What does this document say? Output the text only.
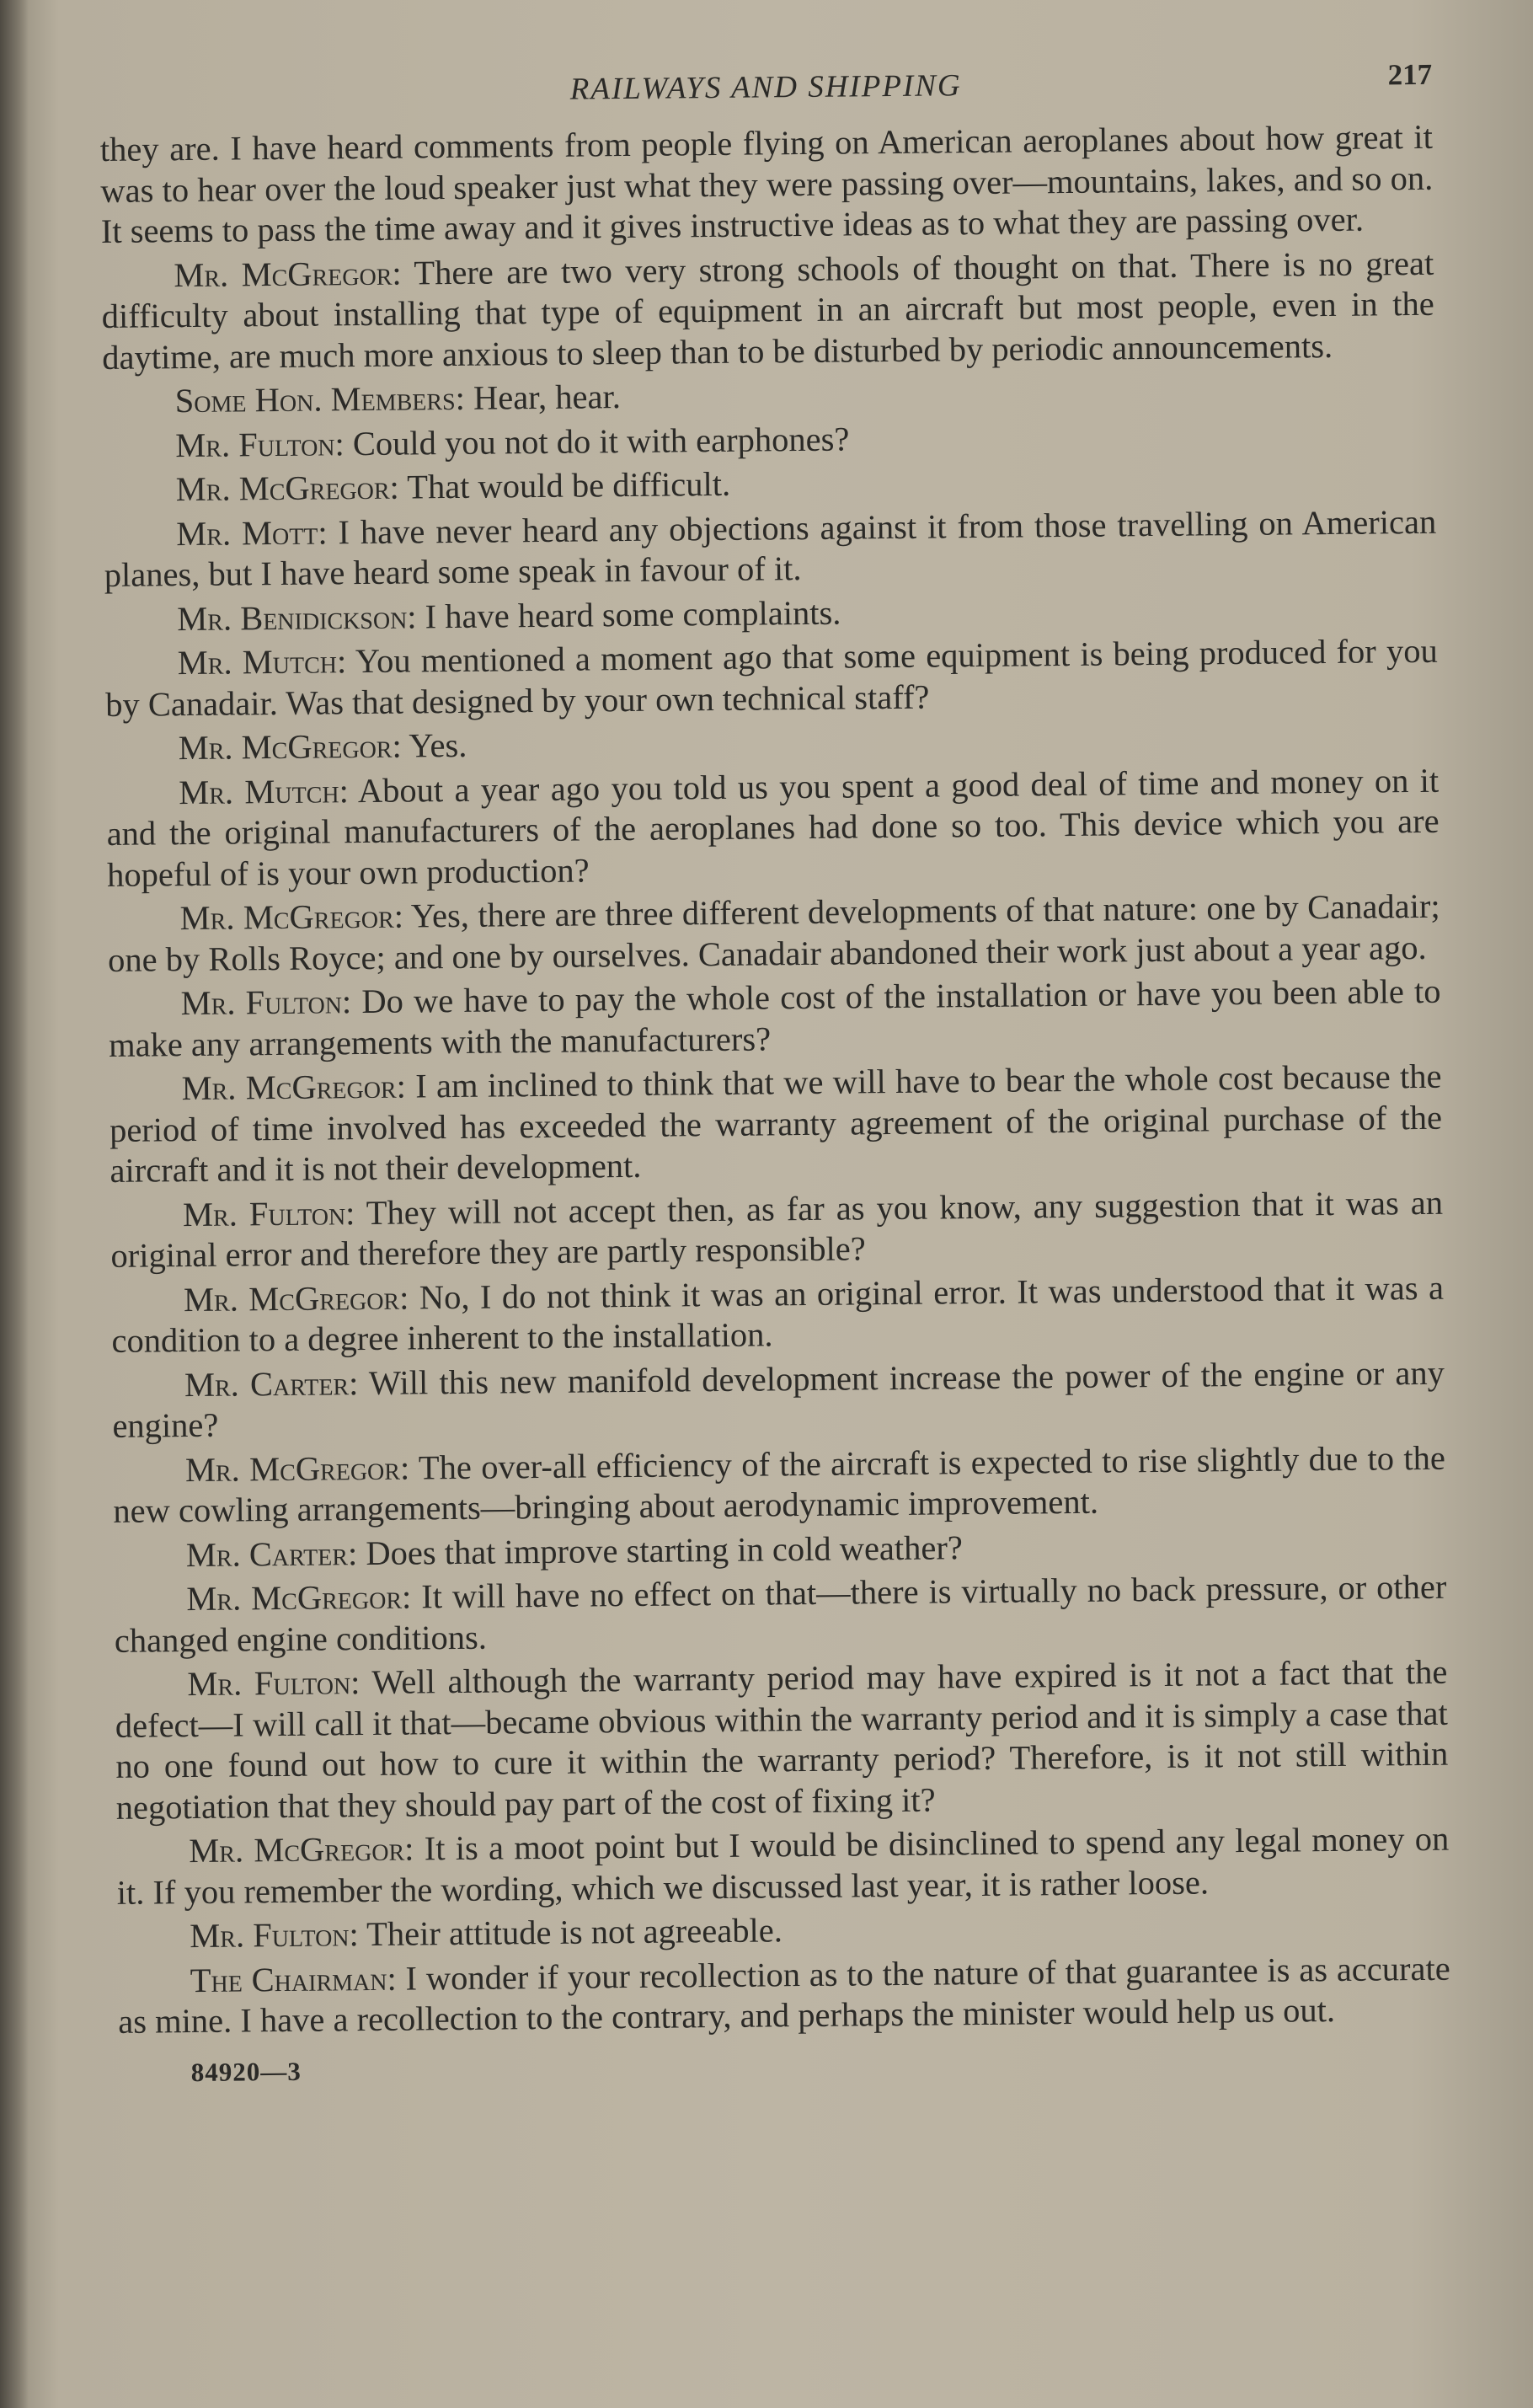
RAILWAYS AND SHIPPING	217

they are. I have heard comments from people flying on American aeroplanes about how great it was to hear over the loud speaker just what they were passing over—mountains, lakes, and so on. It seems to pass the time away and it gives instructive ideas as to what they are passing over.

Mr. McGregor: There are two very strong schools of thought on that. There is no great difficulty about installing that type of equipment in an aircraft but most people, even in the daytime, are much more anxious to sleep than to be disturbed by periodic announcements.

Some Hon. Members: Hear, hear.

Mr. Fulton: Could you not do it with earphones?

Mr. McGregor: That would be difficult.

Mr. Mott: I have never heard any objections against it from those travelling on American planes, but I have heard some speak in favour of it.

Mr. Benidickson: I have heard some complaints.

Mr. Mutch: You mentioned a moment ago that some equipment is being produced for you by Canadair. Was that designed by your own technical staff?

Mr. McGregor: Yes.

Mr. Mutch: About a year ago you told us you spent a good deal of time and money on it and the original manufacturers of the aeroplanes had done so too. This device which you are hopeful of is your own production?

Mr. McGregor: Yes, there are three different developments of that nature: one by Canadair; one by Rolls Royce; and one by ourselves. Canadair abandoned their work just about a year ago.

Mr. Fulton: Do we have to pay the whole cost of the installation or have you been able to make any arrangements with the manufacturers?

Mr. McGregor: I am inclined to think that we will have to bear the whole cost because the period of time involved has exceeded the warranty agreement of the original purchase of the aircraft and it is not their development.

Mr. Fulton: They will not accept then, as far as you know, any suggestion that it was an original error and therefore they are partly responsible?

Mr. McGregor: No, I do not think it was an original error. It was understood that it was a condition to a degree inherent to the installation.

Mr. Carter: Will this new manifold development increase the power of the engine or any engine?

Mr. McGregor: The over-all efficiency of the aircraft is expected to rise slightly due to the new cowling arrangements—bringing about aerodynamic improvement.

Mr. Carter: Does that improve starting in cold weather?

Mr. McGregor: It will have no effect on that—there is virtually no back pressure, or other changed engine conditions.

Mr. Fulton: Well although the warranty period may have expired is it not a fact that the defect—I will call it that—became obvious within the warranty period and it is simply a case that no one found out how to cure it within the warranty period? Therefore, is it not still within negotiation that they should pay part of the cost of fixing it?

Mr. McGregor: It is a moot point but I would be disinclined to spend any legal money on it. If you remember the wording, which we discussed last year, it is rather loose.

Mr. Fulton: Their attitude is not agreeable.

The Chairman: I wonder if your recollection as to the nature of that guarantee is as accurate as mine. I have a recollection to the contrary, and perhaps the minister would help us out.

84920—3
